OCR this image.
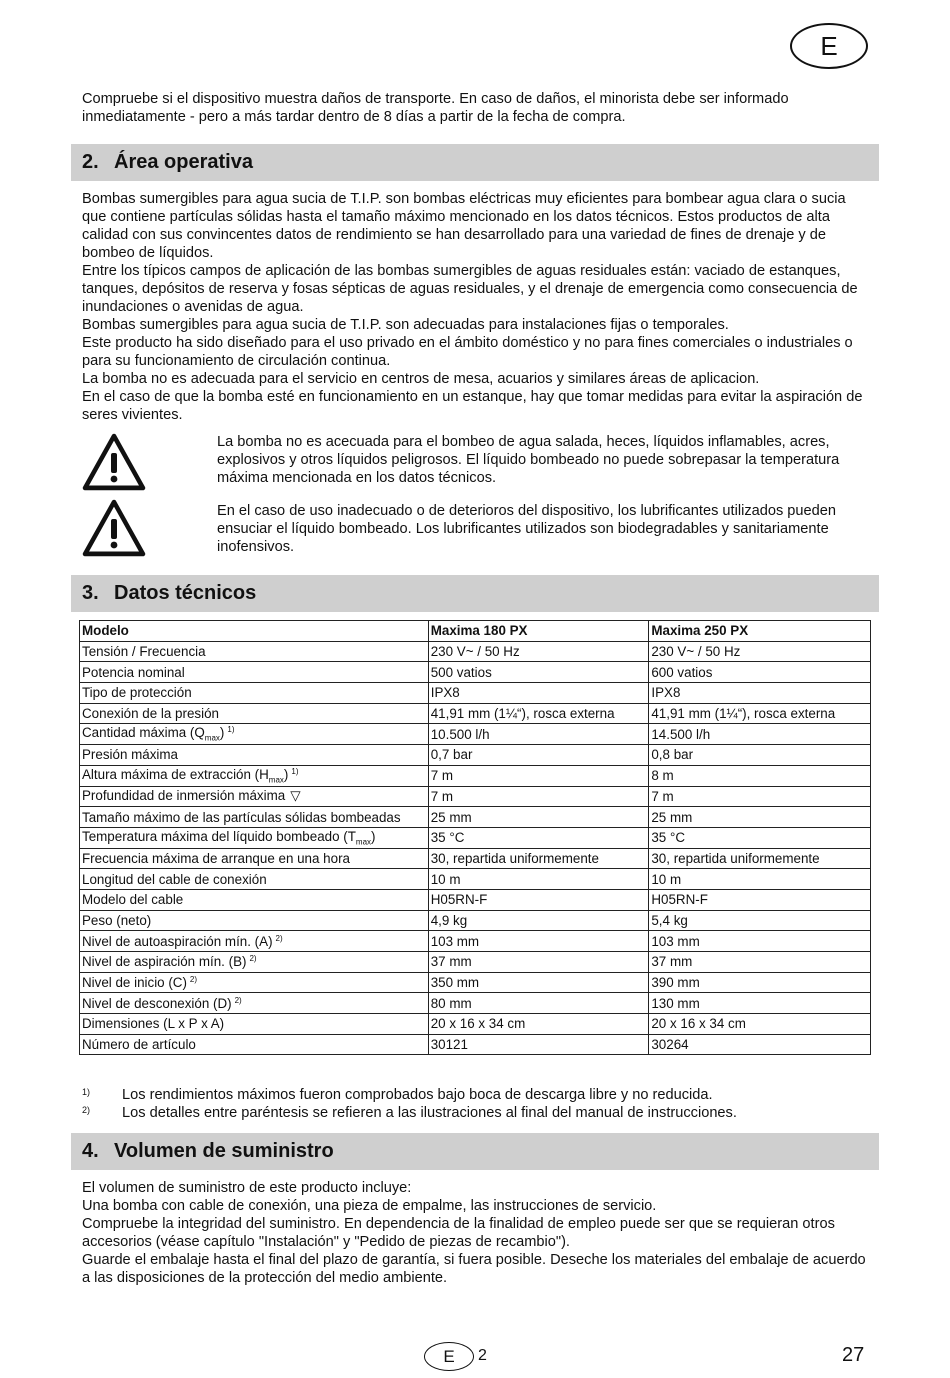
E

Compruebe si el dispositivo muestra daños de transporte. En caso de daños, el minorista debe ser informado inmediatamente - pero a más tardar dentro de 8 días a partir de la fecha de compra.

2. Área operativa

Bombas sumergibles para agua sucia de T.I.P. son bombas eléctricas muy eficientes para bombear agua clara o sucia que contiene partículas sólidas hasta el tamaño máximo mencionado en los datos técnicos. Estos productos de alta calidad con sus convincentes datos de rendimiento se han desarrollado para una variedad de fines de drenaje y de bombeo de líquidos.

Entre los típicos campos de aplicación de las bombas sumergibles de aguas residuales están: vaciado de estanques, tanques, depósitos de reserva y fosas sépticas de aguas residuales, y el drenaje de emergencia como consecuencia de inundaciones o avenidas de agua.

Bombas sumergibles para agua sucia de T.I.P. son adecuadas para instalaciones fijas o temporales.

Este producto ha sido diseñado para el uso privado en el ámbito doméstico y no para fines comerciales o industriales o para su funcionamiento de circulación continua.

La bomba no es adecuada para el servicio en centros de mesa, acuarios y similares áreas de aplicacion.

En el caso de que la bomba esté en funcionamiento en un estanque, hay que tomar medidas para evitar la aspiración de seres vivientes.

La bomba no es acecuada para el bombeo de agua salada, heces, líquidos inflamables, acres, explosivos y otros líquidos peligrosos. El líquido bombeado no puede sobrepasar la temperatura máxima mencionada en los datos técnicos.
En el caso de uso inadecuado o de deterioros del dispositivo, los lubrificantes utilizados pueden ensuciar el líquido bombeado. Los lubrificantes utilizados son biodegradables y sanitariamente inofensivos.
3. Datos técnicos
Modelo	Maxima 180 PX	Maxima 250 PX
Tensión / Frecuencia	230 V~ / 50 Hz	230 V~ / 50 Hz
Potencia nominal	500 vatios	600 vatios
Tipo de protección	IPX8	IPX8
Conexión de la presión	41,91 mm (1¼“), rosca externa	41,91 mm (1¼“), rosca externa
Cantidad máxima $(Q_{max})$ $^{1)}$	10.500 l/h	14.500 l/h
Presión máxima	0,7 bar	0,8 bar
Altura máxima de extracción $(H_{max})$ $^{1)}$	7 m	8 m
Profundidad de inmersión máxima ▽	7 m	7 m
Tamaño máximo de las partículas sólidas bombeadas	25 mm	25 mm
Temperatura máxima del líquido bombeado $(T_{max})$	35 °C	35 °C
Frecuencia máxima de arranque en una hora	30, repartida uniformemente	30, repartida uniformemente
Longitud del cable de conexión	10 m	10 m
Modelo del cable	H05RN-F	H05RN-F
Peso (neto)	4,9 kg	5,4 kg
Nivel de autoaspiración mín. (A) $^{2)}$	103 mm	103 mm
Nivel de aspiración mín. (B) $^{2)}$	37 mm	37 mm
Nivel de inicio (C) $^{2)}$	350 mm	390 mm
Nivel de desconexión (D) $^{2)}$	80 mm	130 mm
Dimensiones (L x P x A)	20 x 16 x 34 cm	20 x 16 x 34 cm
Número de artículo	30121	30264
1) Los rendimientos máximos fueron comprobados bajo boca de descarga libre y no reducida.
2) Los detalles entre paréntesis se refieren a las ilustraciones al final del manual de instrucciones.
4. Volumen de suministro

El volumen de suministro de este producto incluye:

Una bomba con cable de conexión, una pieza de empalme, las instrucciones de servicio.

Compruebe la integridad del suministro. En dependencia de la finalidad de empleo puede ser que se requieran otros accesorios (véase capítulo "Instalación" y "Pedido de piezas de recambio").

Guarde el embalaje hasta el final del plazo de garantía, si fuera posible. Deseche los materiales del embalaje de acuerdo a las disposiciones de la protección del medio ambiente.

E	2	27
